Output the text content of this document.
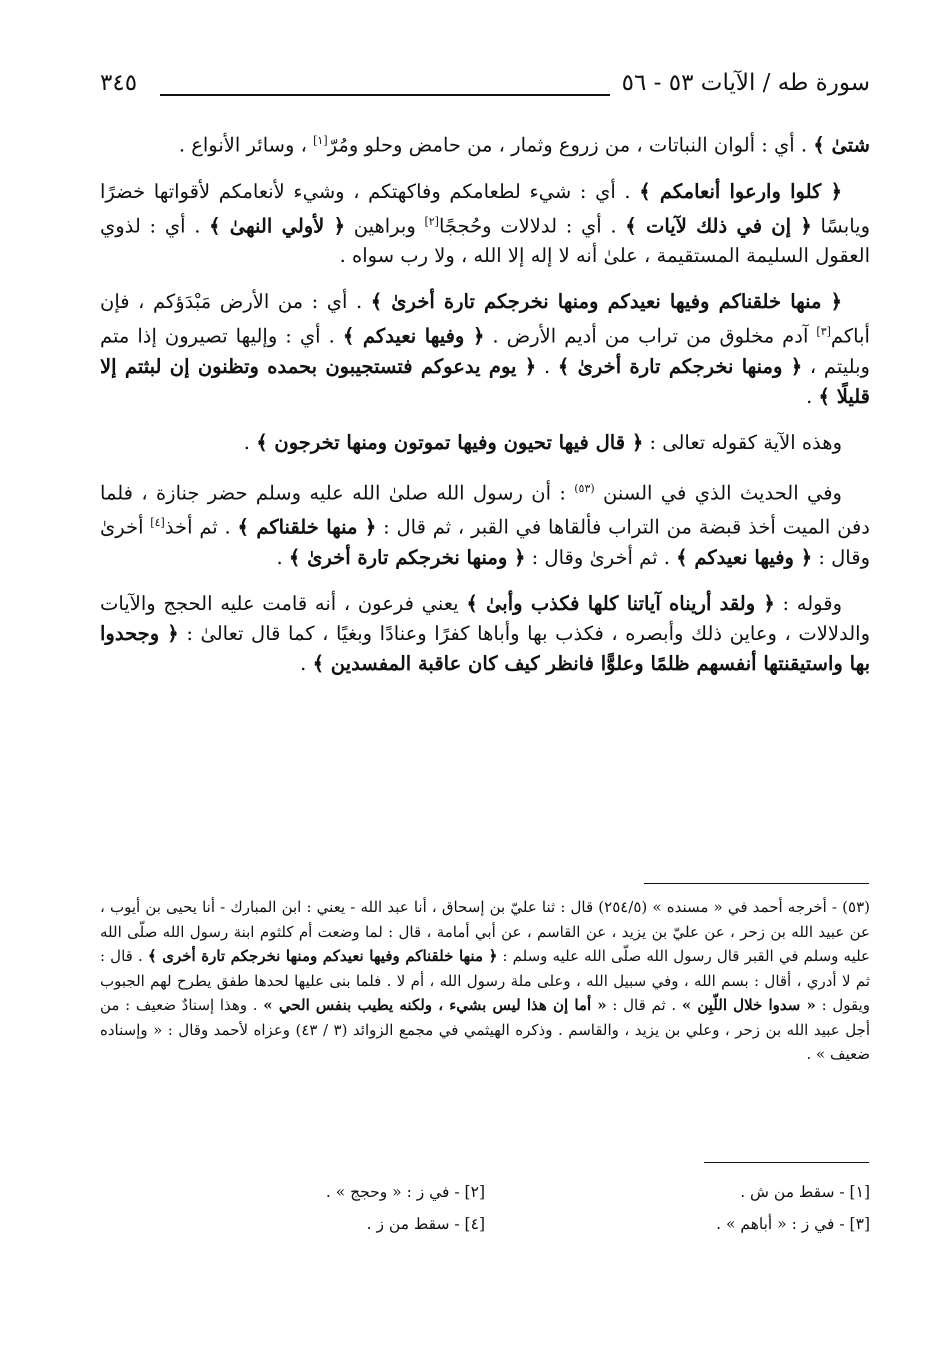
سورة طه / الآيات ٥٣ - ٥٦
٣٤٥

شتىٰ ﴾ . أي : ألوان النباتات ، من زروع وثمار ، من حامض وحلو ومُرّ[١] ، وسائر الأنواع .

﴿ كلوا وارعوا أنعامكم ﴾ . أي : شيء لطعامكم وفاكهتكم ، وشيء لأنعامكم لأقواتها خضرًا ويابسًا ﴿ إن في ذلك لآيات ﴾ . أي : لدلالات وحُججًا[٢] وبراهين ﴿ لأولي النهىٰ ﴾ . أي : لذوي العقول السليمة المستقيمة ، علىٰ أنه لا إله إلا الله ، ولا رب سواه .

﴿ منها خلقناكم وفيها نعيدكم ومنها نخرجكم تارة أخرىٰ ﴾ . أي : من الأرض مَبْدَؤكم ، فإن أباكم[٣] آدم مخلوق من تراب من أديم الأرض . ﴿ وفيها نعيدكم ﴾ . أي : وإليها تصيرون إذا متم وبليتم ، ﴿ ومنها نخرجكم تارة أخرىٰ ﴾ . ﴿ يوم يدعوكم فتستجيبون بحمده وتظنون إن لبثتم إلا قليلًا ﴾ .

وهذه الآية كقوله تعالى : ﴿ قال فيها تحيون وفيها تموتون ومنها تخرجون ﴾ .

وفي الحديث الذي في السنن $^{(٥٣)}$ : أن رسول الله صلىٰ الله عليه وسلم حضر جنازة ، فلما دفن الميت أخذ قبضة من التراب فألقاها في القبر ، ثم قال : ﴿ منها خلقناكم ﴾ . ثم أخذ[٤] أخرىٰ وقال : ﴿ وفيها نعيدكم ﴾ . ثم أخرىٰ وقال : ﴿ ومنها نخرجكم تارة أخرىٰ ﴾ .

وقوله : ﴿ ولقد أريناه آياتنا كلها فكذب وأبىٰ ﴾ يعني فرعون ، أنه قامت عليه الحجج والآيات والدلالات ، وعاين ذلك وأبصره ، فكذب بها وأباها كفرًا وعنادًا وبغيًا ، كما قال تعالىٰ : ﴿ وجحدوا بها واستيقنتها أنفسهم ظلمًا وعلوًّا فانظر كيف كان عاقبة المفسدين ﴾ .

(٥٣) - أخرجه أحمد في « مسنده » (٢٥٤/٥) قال : ثنا عليّ بن إسحاق ، أنا عبد الله - يعني : ابن المبارك - أنا يحيى بن أيوب ، عن عبيد الله بن زحر ، عن عليّ بن يزيد ، عن القاسم ، عن أبي أمامة ، قال : لما وضعت أم كلثوم ابنة رسول الله صلّى الله عليه وسلم في القبر قال رسول الله صلّى الله عليه وسلم : ﴿ منها خلقناكم وفيها نعيدكم ومنها نخرجكم تارة أخرى ﴾ . قال : ثم لا أدري ، أقال : بسم الله ، وفي سبيل الله ، وعلى ملة رسول الله ، أم لا . فلما بنى عليها لحدها طفق يطرح لهم الجبوب ويقول : « سدوا خلال اللّبِن » . ثم قال : « أما إن هذا ليس بشيء ، ولكنه يطيب بنفس الحي » . وهذا إسنادٌ ضعيف : من أجل عبيد الله بن زحر ، وعلي بن يزيد ، والقاسم . وذكره الهيثمي في مجمع الزوائد (٣ / ٤٣) وعزاه لأحمد وقال : « وإسناده ضعيف » .
[١] - سقط من ش .
[٢] - في ز : « وحجج » .
[٣] - في ز : « أباهم » .
[٤] - سقط من ز .
